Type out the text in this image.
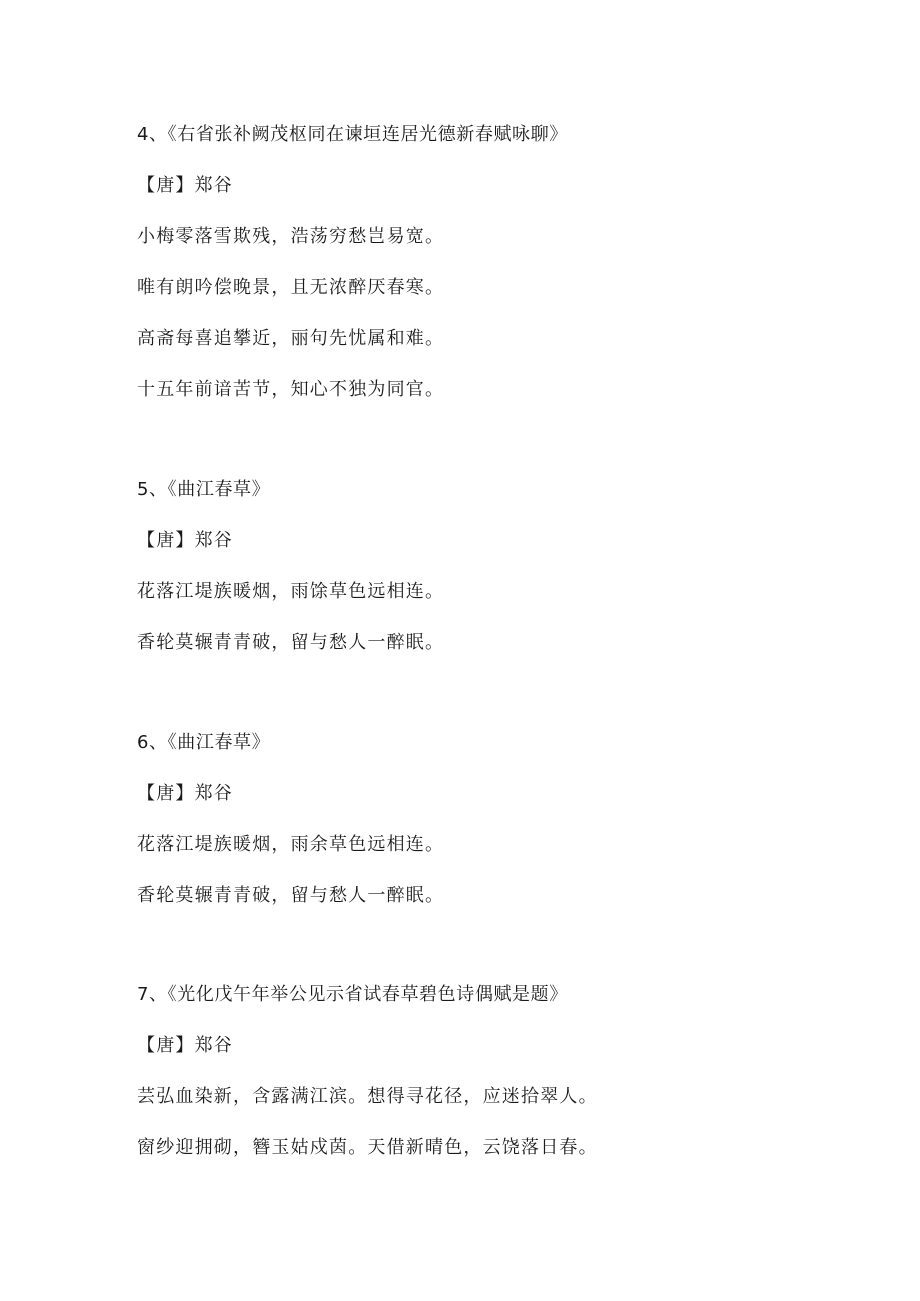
4、《右省张补阙茂枢同在谏垣连居光德新春赋咏聊》
【唐】郑谷
小梅零落雪欺残，浩荡穷愁岂易宽。
唯有朗吟偿晚景，且无浓醉厌春寒。
高斋每喜追攀近，丽句先忧属和难。
十五年前谙苦节，知心不独为同官。
5、《曲江春草》
【唐】郑谷
花落江堤族暖烟，雨馀草色远相连。
香轮莫辗青青破，留与愁人一醉眠。
6、《曲江春草》
【唐】郑谷
花落江堤族暖烟，雨余草色远相连。
香轮莫辗青青破，留与愁人一醉眠。
7、《光化戊午年举公见示省试春草碧色诗偶赋是题》
【唐】郑谷
芸弘血染新，含露满江滨。想得寻花径，应迷拾翠人。
窗纱迎拥砌，簪玉姑戍茵。天借新晴色，云饶落日春。
